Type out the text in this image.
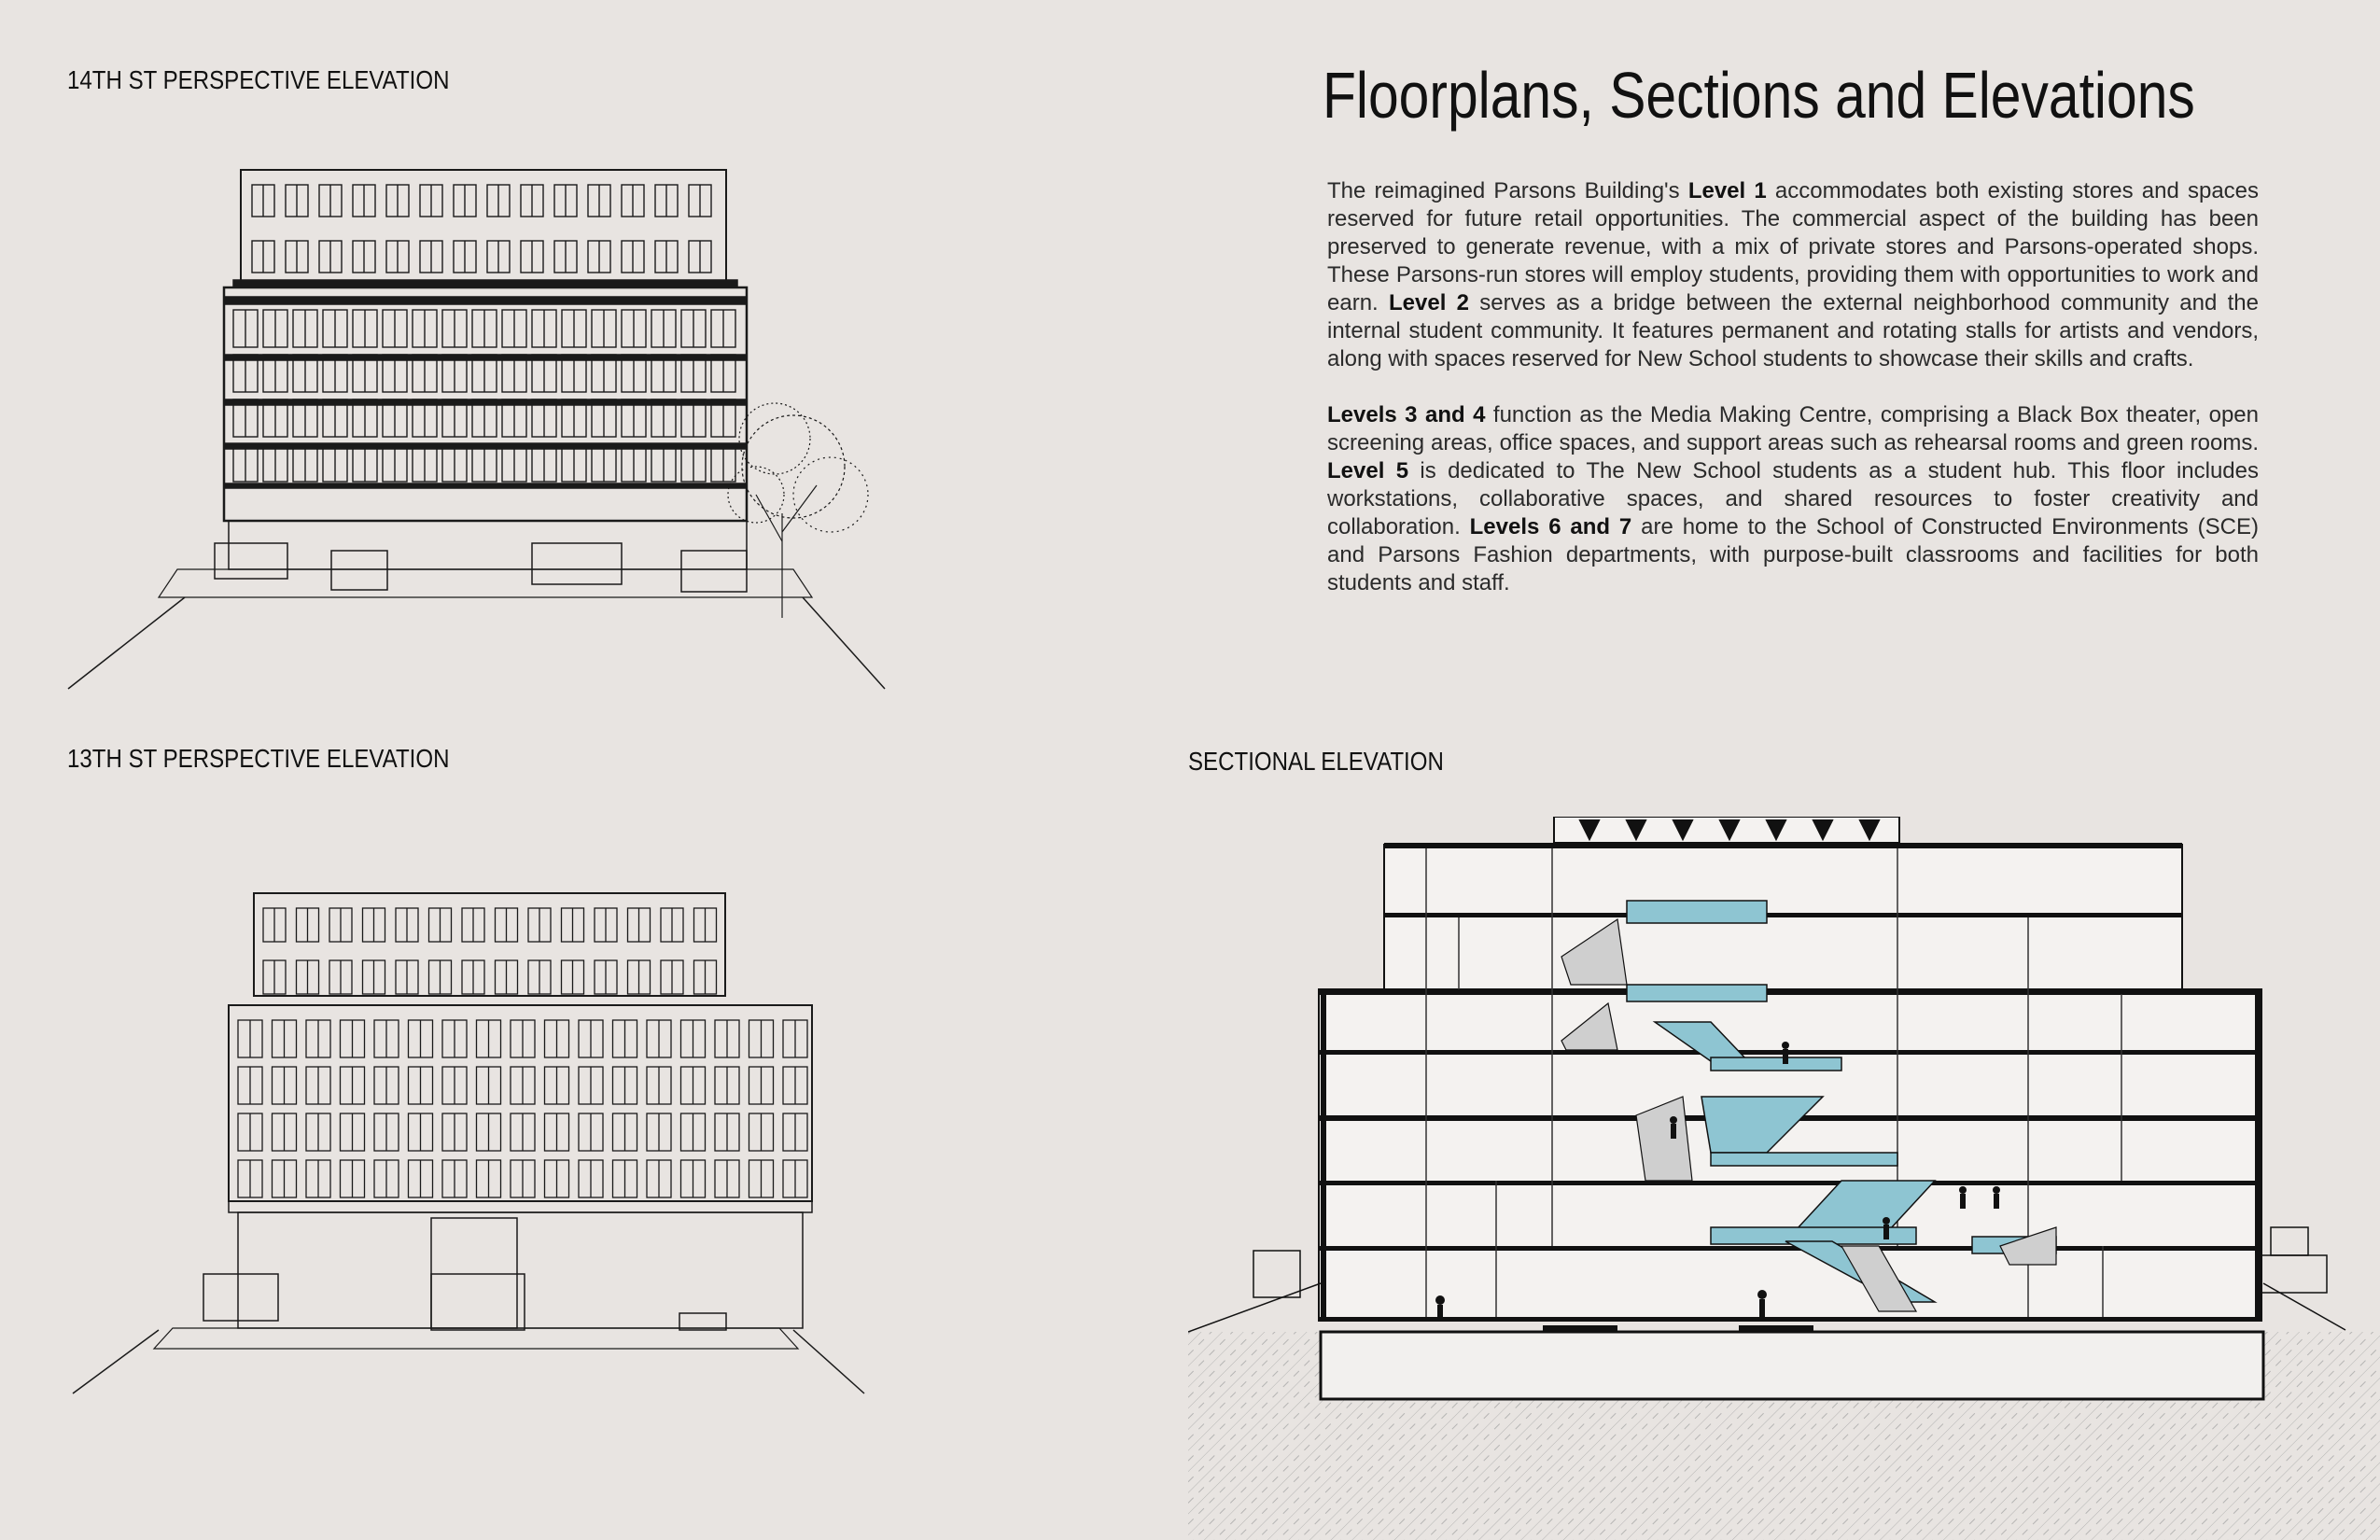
14TH ST PERSPECTIVE ELEVATION
13TH ST PERSPECTIVE ELEVATION	SECTIONAL ELEVATION
Floorplans, Sections and Elevations

The reimagined Parsons Building's Level 1 accommodates both existing stores and spaces reserved for future retail opportunities. The commercial aspect of the building has been preserved to generate revenue, with a mix of private stores and Parsons-operated shops. These Parsons-run stores will employ students, providing them with opportunities to work and earn. Level 2 serves as a bridge between the external neighborhood community and the internal student community. It features permanent and rotating stalls for artists and vendors, along with spaces reserved for New School students to showcase their skills and crafts.

Levels 3 and 4 function as the Media Making Centre, comprising a Black Box theater, open screening areas, office spaces, and support areas such as rehearsal rooms and green rooms. Level 5 is dedicated to The New School students as a student hub. This floor includes workstations, collaborative spaces, and shared resources to foster creativity and collaboration. Levels 6 and 7 are home to the School of Constructed Environments (SCE) and Parsons Fashion departments, with purpose-built classrooms and facilities for both students and staff.
